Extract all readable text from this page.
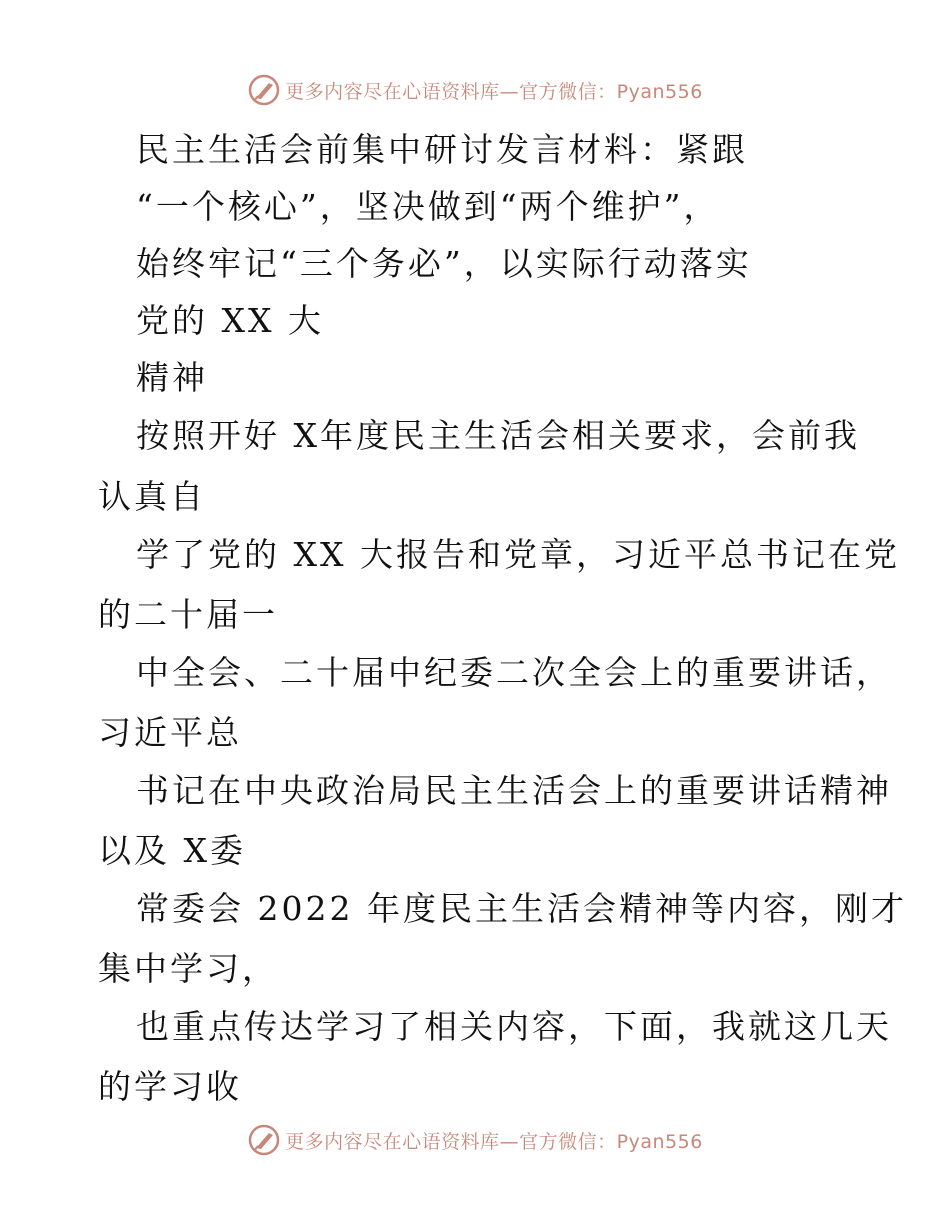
更多内容尽在心语资料库—官方微信：Pyan556
民主生活会前集中研讨发言材料：紧跟
“一个核心”，坚决做到“两个维护”，
始终牢记“三个务必”，以实际行动落实
党的 XX 大
精神
按照开好 X年度民主生活会相关要求，会前我
认真自
学了党的 XX 大报告和党章，习近平总书记在党
的二十届一
中全会、二十届中纪委二次全会上的重要讲话，
习近平总
书记在中央政治局民主生活会上的重要讲话精神
以及 X委
常委会 2022 年度民主生活会精神等内容，刚才
集中学习，
也重点传达学习了相关内容，下面，我就这几天
的学习收
更多内容尽在心语资料库—官方微信：Pyan556
